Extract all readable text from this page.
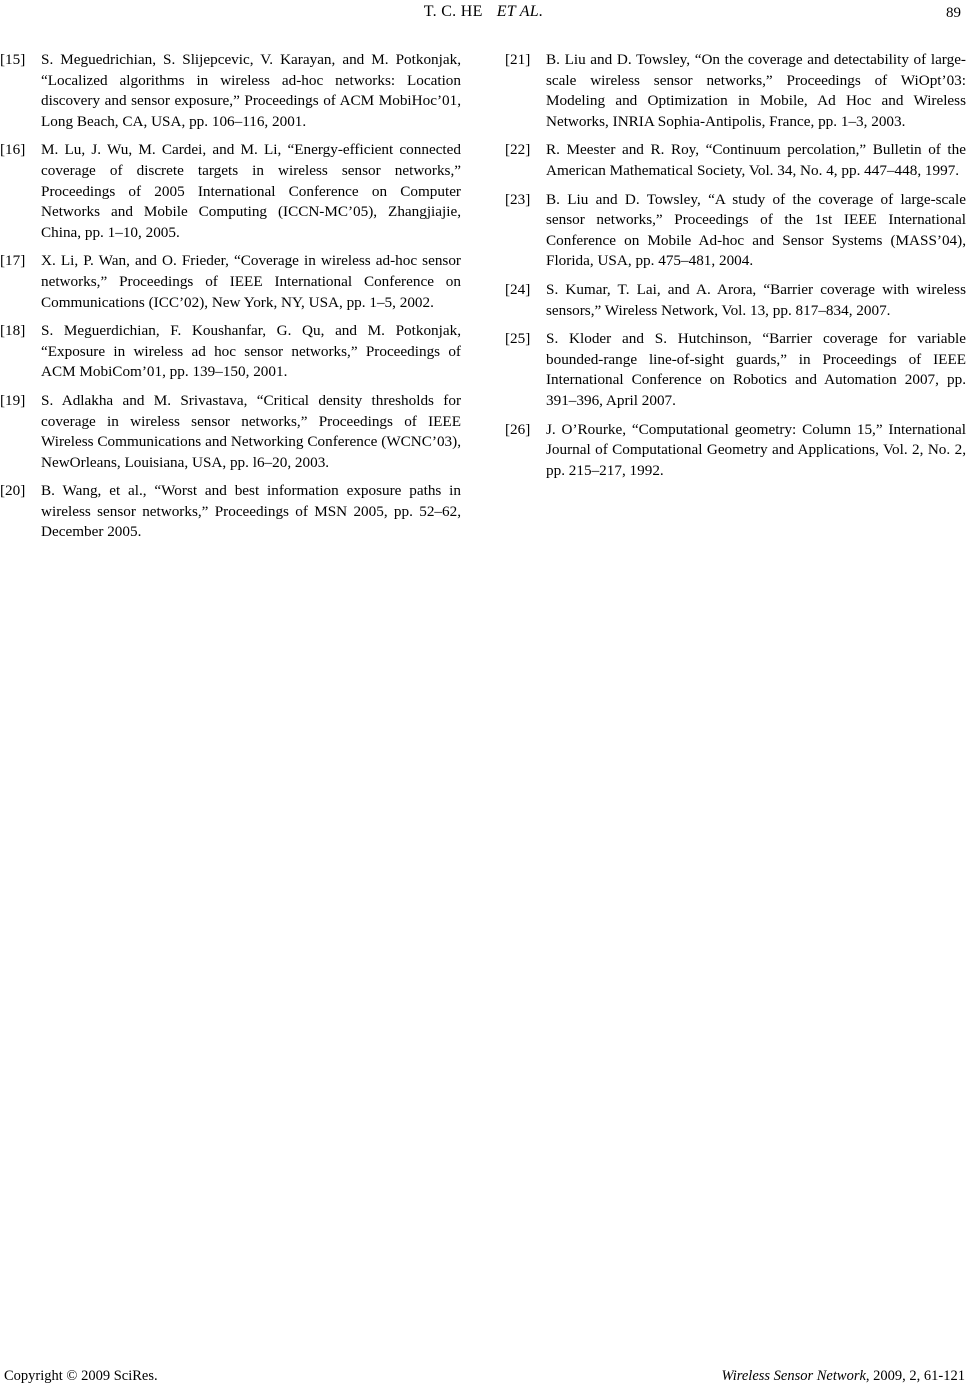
T. C. HE ET AL.	89
[15] S. Meguedrichian, S. Slijepcevic, V. Karayan, and M. Potkonjak, “Localized algorithms in wireless ad-hoc networks: Location discovery and sensor exposure,” Proceedings of ACM MobiHoc’01, Long Beach, CA, USA, pp. 106–116, 2001.
[16] M. Lu, J. Wu, M. Cardei, and M. Li, “Energy-efficient connected coverage of discrete targets in wireless sensor networks,” Proceedings of 2005 International Conference on Computer Networks and Mobile Computing (ICCN-MC’05), Zhangjiajie, China, pp. 1–10, 2005.
[17] X. Li, P. Wan, and O. Frieder, “Coverage in wireless ad-hoc sensor networks,” Proceedings of IEEE International Conference on Communications (ICC’02), New York, NY, USA, pp. 1–5, 2002.
[18] S. Meguerdichian, F. Koushanfar, G. Qu, and M. Potkonjak, “Exposure in wireless ad hoc sensor networks,” Proceedings of ACM MobiCom’01, pp. 139–150, 2001.
[19] S. Adlakha and M. Srivastava, “Critical density thresholds for coverage in wireless sensor networks,” Proceedings of IEEE Wireless Communications and Networking Conference (WCNC’03), NewOrleans, Louisiana, USA, pp. l6–20, 2003.
[20] B. Wang, et al., “Worst and best information exposure paths in wireless sensor networks,” Proceedings of MSN 2005, pp. 52–62, December 2005.
[21] B. Liu and D. Towsley, “On the coverage and detectability of large-scale wireless sensor networks,” Proceedings of WiOpt’03: Modeling and Optimization in Mobile, Ad Hoc and Wireless Networks, INRIA Sophia-Antipolis, France, pp. 1–3, 2003.
[22] R. Meester and R. Roy, “Continuum percolation,” Bulletin of the American Mathematical Society, Vol. 34, No. 4, pp. 447–448, 1997.
[23] B. Liu and D. Towsley, “A study of the coverage of large-scale sensor networks,” Proceedings of the 1st IEEE International Conference on Mobile Ad-hoc and Sensor Systems (MASS’04), Florida, USA, pp. 475–481, 2004.
[24] S. Kumar, T. Lai, and A. Arora, “Barrier coverage with wireless sensors,” Wireless Network, Vol. 13, pp. 817–834, 2007.
[25] S. Kloder and S. Hutchinson, “Barrier coverage for variable bounded-range line-of-sight guards,” in Proceedings of IEEE International Conference on Robotics and Automation 2007, pp. 391–396, April 2007.
[26] J. O’Rourke, “Computational geometry: Column 15,” International Journal of Computational Geometry and Applications, Vol. 2, No. 2, pp. 215–217, 1992.
Copyright © 2009 SciRes.	Wireless Sensor Network, 2009, 2, 61-121
